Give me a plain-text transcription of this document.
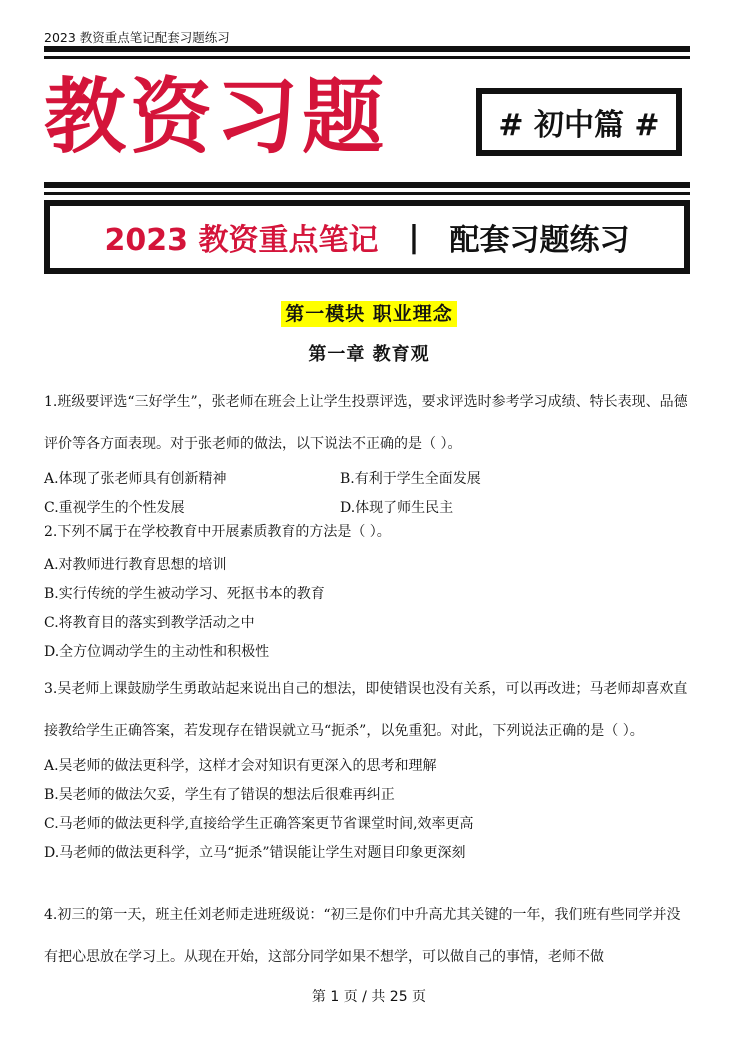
2023 教资重点笔记配套习题练习
教资习题	# 初中篇 #
2023 教资重点笔记 | 配套习题练习
第一模块 职业理念
第一章 教育观

1.班级要评选“三好学生”，张老师在班会上让学生投票评选，要求评选时参考学习成绩、特长表现、品德评价等各方面表现。对于张老师的做法，以下说法不正确的是（ ）。

A.体现了张老师具有创新精神	B.有利于学生全面发展
C.重视学生的个性发展	D.体现了师生民主

2.下列不属于在学校教育中开展素质教育的方法是（ ）。

A.对教师进行教育思想的培训

B.实行传统的学生被动学习、死抠书本的教育

C.将教育目的落实到教学活动之中

D.全方位调动学生的主动性和积极性

3.吴老师上课鼓励学生勇敢站起来说出自己的想法，即使错误也没有关系，可以再改进；马老师却喜欢直接教给学生正确答案，若发现存在错误就立马“扼杀”，以免重犯。对此，下列说法正确的是（ ）。

A.吴老师的做法更科学，这样才会对知识有更深入的思考和理解

B.吴老师的做法欠妥，学生有了错误的想法后很难再纠正

C.马老师的做法更科学,直接给学生正确答案更节省课堂时间,效率更高

D.马老师的做法更科学，立马“扼杀”错误能让学生对题目印象更深刻

4.初三的第一天，班主任刘老师走进班级说：“初三是你们中升高尤其关键的一年，我们班有些同学并没有把心思放在学习上。从现在开始，这部分同学如果不想学，可以做自己的事情，老师不做

第 1 页 / 共 25 页
